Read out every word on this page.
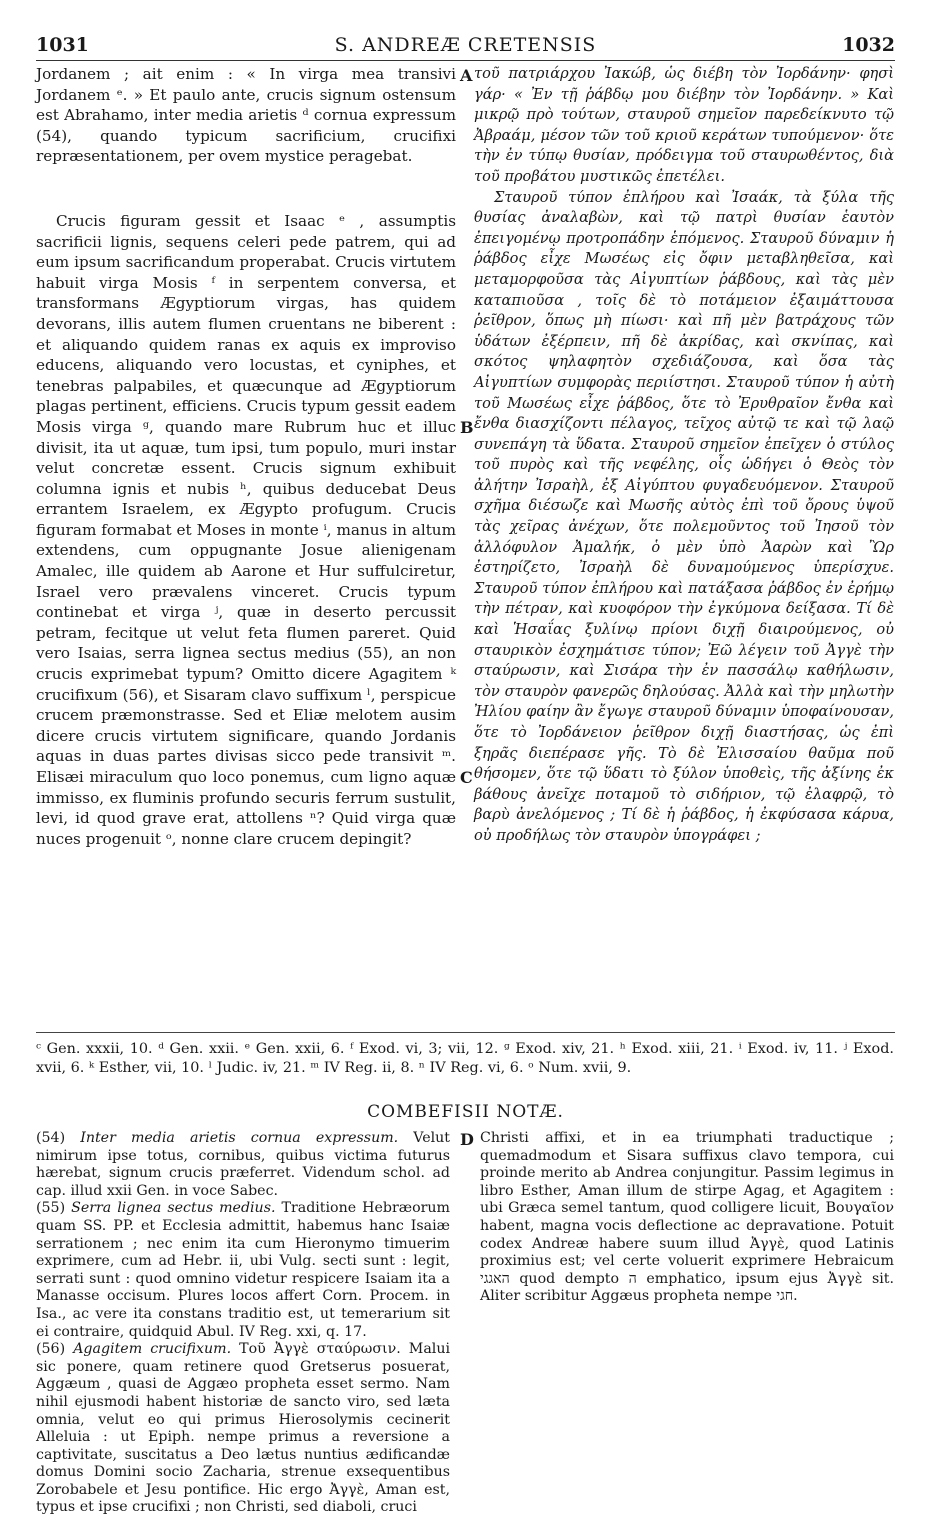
1031	S. ANDREÆ CRETENSIS	1032

Jordanem ; ait enim : « In virga mea transivi Jordanem ᵉ. » Et paulo ante, crucis signum ostensum est Abrahamo, inter media arietis ᵈ cornua expressum (54), quando typicum sacrificium, crucifixi repræsentationem, per ovem mystice peragebat.

Crucis figuram gessit et Isaac ᵉ , assumptis sacrificii lignis, sequens celeri pede patrem, qui ad eum ipsum sacrificandum properabat. Crucis virtutem habuit virga Mosis ᶠ in serpentem conversa, et transformans Ægyptiorum virgas, has quidem devorans, illis autem flumen cruentans ne biberent : et aliquando quidem ranas ex aquis ex improviso educens, aliquando vero locustas, et cyniphes, et tenebras palpabiles, et quæcunque ad Ægyptiorum plagas pertinent, efficiens. Crucis typum gessit eadem Mosis virga ᵍ, quando mare Rubrum huc et illuc divisit, ita ut aquæ, tum ipsi, tum populo, muri instar velut concretæ essent. Crucis signum exhibuit columna ignis et nubis ʰ, quibus deducebat Deus errantem Israelem, ex Ægypto profugum. Crucis figuram formabat et Moses in monte ⁱ, manus in altum extendens, cum oppugnante Josue alienigenam Amalec, ille quidem ab Aarone et Hur suffulciretur, Israel vero prævalens vinceret. Crucis typum continebat et virga ʲ, quæ in deserto percussit petram, fecitque ut velut feta flumen pareret. Quid vero Isaias, serra lignea sectus medius (55), an non crucis exprimebat typum? Omitto dicere Agagitem ᵏ crucifixum (56), et Sisaram clavo suffixum ˡ, perspicue crucem præmonstrasse. Sed et Eliæ melotem ausim dicere crucis virtutem significare, quando Jordanis aquas in duas partes divisas sicco pede transivit ᵐ. Elisæi miraculum quo loco ponemus, cum ligno aquæ immisso, ex fluminis profundo securis ferrum sustulit, levi, id quod grave erat, attollens ⁿ? Quid virga quæ nuces progenuit ᵒ, nonne clare crucem depingit?

A
B
C

τοῦ πατριάρχου Ἰακώβ, ὡς διέβη τὸν Ἰορδάνην· φησὶ γάρ· « Ἐν τῇ ῥάβδῳ μου διέβην τὸν Ἰορδάνην. » Καὶ μικρῷ πρὸ τούτων, σταυροῦ σημεῖον παρεδείκνυτο τῷ Ἀβραάμ, μέσον τῶν τοῦ κριοῦ κεράτων τυπούμενον· ὅτε τὴν ἐν τύπῳ θυσίαν, πρόδειγμα τοῦ σταυρωθέντος, διὰ τοῦ προβάτου μυστικῶς ἐπετέλει.

Σταυροῦ τύπον ἐπλήρου καὶ Ἰσαάκ, τὰ ξύλα τῆς θυσίας ἀναλαβὼν, καὶ τῷ πατρὶ θυσίαν ἑαυτὸν ἐπειγομένῳ προτροπάδην ἑπόμενος. Σταυροῦ δύναμιν ἡ ῥάβδος εἶχε Μωσέως εἰς ὄφιν μεταβληθεῖσα, καὶ μεταμορφοῦσα τὰς Αἰγυπτίων ῥάβδους, καὶ τὰς μὲν καταπιοῦσα , τοῖς δὲ τὸ ποτάμειον ἐξαιμάττουσα ῥεῖθρον, ὅπως μὴ πίωσι· καὶ πῆ μὲν βατράχους τῶν ὑδάτων ἐξέρπειν, πῆ δὲ ἀκρίδας, καὶ σκνίπας, καὶ σκότος ψηλαφητὸν σχεδιάζουσα, καὶ ὅσα τὰς Αἰγυπτίων συμφορὰς περιίστησι. Σταυροῦ τύπον ἡ αὐτὴ τοῦ Μωσέως εἶχε ῥάβδος, ὅτε τὸ Ἐρυθραῖον ἔνθα καὶ ἔνθα διασχίζοντι πέλαγος, τεῖχος αὐτῷ τε καὶ τῷ λαῷ συνεπάγη τὰ ὕδατα. Σταυροῦ σημεῖον ἐπεῖχεν ὁ στύλος τοῦ πυρὸς καὶ τῆς νεφέλης, οἷς ὡδήγει ὁ Θεὸς τὸν ἀλήτην Ἰσραὴλ, ἐξ Αἰγύπτου φυγαδευόμενον. Σταυροῦ σχῆμα διέσωζε καὶ Μωσῆς αὐτὸς ἐπὶ τοῦ ὄρους ὑψοῦ τὰς χεῖρας ἀνέχων, ὅτε πολεμοῦντος τοῦ Ἰησοῦ τὸν ἀλλόφυλον Ἀμαλήκ, ὁ μὲν ὑπὸ Ἀαρὼν καὶ Ὢρ ἐστηρίζετο, Ἰσραὴλ δὲ δυναμούμενος ὑπερίσχυε. Σταυροῦ τύπον ἐπλήρου καὶ πατάξασα ῥάβδος ἐν ἐρήμῳ τὴν πέτραν, καὶ κυοφόρον τὴν ἐγκύμονα δείξασα. Τί δὲ καὶ Ἡσαΐας ξυλίνῳ πρίονι διχῇ διαιρούμενος, οὐ σταυρικὸν ἐσχημάτισε τύπον; Ἐῶ λέγειν τοῦ Ἀγγὲ τὴν σταύρωσιν, καὶ Σισάρα τὴν ἐν πασσάλῳ καθήλωσιν, τὸν σταυρὸν φανερῶς δηλούσας. Ἀλλὰ καὶ τὴν μηλωτὴν Ἠλίου φαίην ἂν ἔγωγε σταυροῦ δύναμιν ὑποφαίνουσαν, ὅτε τὸ Ἰορδάνειον ῥεῖθρον διχῇ διαστήσας, ὡς ἐπὶ ξηρᾶς διεπέρασε γῆς. Τὸ δὲ Ἐλισσαίου θαῦμα ποῦ θήσομεν, ὅτε τῷ ὕδατι τὸ ξύλον ὑποθεὶς, τῆς ἀξίνης ἐκ βάθους ἀνεῖχε ποταμοῦ τὸ σιδήριον, τῷ ἐλαφρῷ, τὸ βαρὺ ἀνελόμενος ; Τί δὲ ἡ ῥάβδος, ἡ ἐκφύσασα κάρυα, οὐ προδήλως τὸν σταυρὸν ὑπογράφει ;

ᶜ Gen. xxxii, 10. ᵈ Gen. xxii. ᵉ Gen. xxii, 6. ᶠ Exod. vi, 3; vii, 12. ᵍ Exod. xiv, 21. ʰ Exod. xiii, 21. ⁱ Exod. iv, 11. ʲ Exod. xvii, 6. ᵏ Esther, vii, 10. ˡ Judic. iv, 21. ᵐ IV Reg. ii, 8. ⁿ IV Reg. vi, 6. ᵒ Num. xvii, 9.
COMBEFISII NOTÆ.
D

(54) Inter media arietis cornua expressum. Velut nimirum ipse totus, cornibus, quibus victima futurus hærebat, signum crucis præferret. Videndum schol. ad cap. illud xxii Gen. in voce Sabec.

(55) Serra lignea sectus medius. Traditione Hebræorum quam SS. PP. et Ecclesia admittit, habemus hanc Isaiæ serrationem ; nec enim ita cum Hieronymo timuerim exprimere, cum ad Hebr. ii, ubi Vulg. secti sunt : legit, serrati sunt : quod omnino videtur respicere Isaiam ita a Manasse occisum. Plures locos affert Corn. Procem. in Isa., ac vere ita constans traditio est, ut temerarium sit ei contraire, quidquid Abul. IV Reg. xxi, q. 17.

(56) Agagitem crucifixum. Τοῦ Ἀγγὲ σταύρωσιν. Malui sic ponere, quam retinere quod Gretserus posuerat, Aggæum , quasi de Aggæo propheta esset sermo. Nam nihil ejusmodi habent historiæ de sancto viro, sed læta omnia, velut eo qui primus Hierosolymis cecinerit Alleluia : ut Epiph. nempe primus a reversione a captivitate, suscitatus a Deo lætus nuntius ædificandæ domus Domini socio Zacharia, strenue exsequentibus Zorobabele et Jesu pontifice. Hic ergo Ἀγγὲ, Aman est, typus et ipse crucifixi ; non Christi, sed diaboli, cruci

Christi affixi, et in ea triumphati traductique ; quemadmodum et Sisara suffixus clavo tempora, cui proinde merito ab Andrea conjungitur. Passim legimus in libro Esther, Aman illum de stirpe Agag, et Agagitem : ubi Græca semel tantum, quod colligere licuit, Βουγαῖον habent, magna vocis deflectione ac depravatione. Potuit codex Andreæ habere suum illud Ἀγγὲ, quod Latinis proximius est; vel certe voluerit exprimere Hebraicum האגגי quod dempto ה emphatico, ipsum ejus Ἀγγὲ sit. Aliter scribitur Aggæus propheta nempe חגי.
